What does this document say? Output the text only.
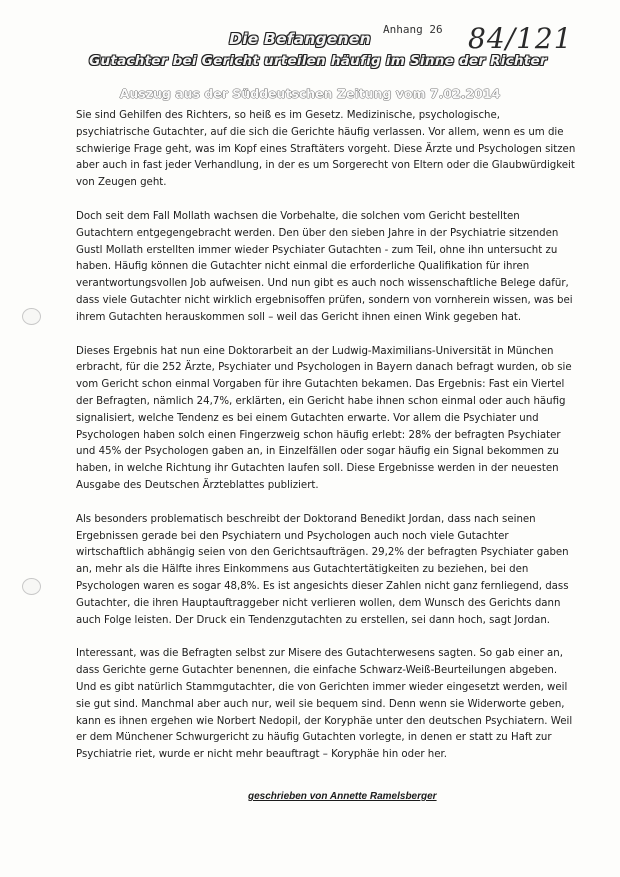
Anhang 26 84/121
Die Befangenen
Gutachter bei Gericht urteilen häufig im Sinne der Richter
Auszug aus der Süddeutschen Zeitung vom 7.02.2014

Sie sind Gehilfen des Richters, so heiß es im Gesetz. Medizinische, psychologische, psychiatrische Gutachter, auf die sich die Gerichte häufig verlassen. Vor allem, wenn es um die schwierige Frage geht, was im Kopf eines Straftäters vorgeht. Diese Ärzte und Psychologen sitzen aber auch in fast jeder Verhandlung, in der es um Sorgerecht von Eltern oder die Glaubwürdigkeit von Zeugen geht.

Doch seit dem Fall Mollath wachsen die Vorbehalte, die solchen vom Gericht bestellten Gutachtern entgegengebracht werden. Den über den sieben Jahre in der Psychiatrie sitzenden Gustl Mollath erstellten immer wieder Psychiater Gutachten - zum Teil, ohne ihn untersucht zu haben. Häufig können die Gutachter nicht einmal die erforderliche Qualifikation für ihren verantwortungsvollen Job aufweisen. Und nun gibt es auch noch wissenschaftliche Belege dafür, dass viele Gutachter nicht wirklich ergebnisoffen prüfen, sondern von vornherein wissen, was bei ihrem Gutachten herauskommen soll – weil das Gericht ihnen einen Wink gegeben hat.

Dieses Ergebnis hat nun eine Doktorarbeit an der Ludwig-Maximilians-Universität in München erbracht, für die 252 Ärzte, Psychiater und Psychologen in Bayern danach befragt wurden, ob sie vom Gericht schon einmal Vorgaben für ihre Gutachten bekamen. Das Ergebnis: Fast ein Viertel der Befragten, nämlich 24,7%, erklärten, ein Gericht habe ihnen schon einmal oder auch häufig signalisiert, welche Tendenz es bei einem Gutachten erwarte. Vor allem die Psychiater und Psychologen haben solch einen Fingerzweig schon häufig erlebt: 28% der befragten Psychiater und 45% der Psychologen gaben an, in Einzelfällen oder sogar häufig ein Signal bekommen zu haben, in welche Richtung ihr Gutachten laufen soll. Diese Ergebnisse werden in der neuesten Ausgabe des Deutschen Ärzteblattes publiziert.

Als besonders problematisch beschreibt der Doktorand Benedikt Jordan, dass nach seinen Ergebnissen gerade bei den Psychiatern und Psychologen auch noch viele Gutachter wirtschaftlich abhängig seien von den Gerichtsaufträgen. 29,2% der befragten Psychiater gaben an, mehr als die Hälfte ihres Einkommens aus Gutachtertätigkeiten zu beziehen, bei den Psychologen waren es sogar 48,8%. Es ist angesichts dieser Zahlen nicht ganz fernliegend, dass Gutachter, die ihren Hauptauftraggeber nicht verlieren wollen, dem Wunsch des Gerichts dann auch Folge leisten. Der Druck ein Tendenzgutachten zu erstellen, sei dann hoch, sagt Jordan.

Interessant, was die Befragten selbst zur Misere des Gutachterwesens sagten. So gab einer an, dass Gerichte gerne Gutachter benennen, die einfache Schwarz-Weiß-Beurteilungen abgeben. Und es gibt natürlich Stammgutachter, die von Gerichten immer wieder eingesetzt werden, weil sie gut sind. Manchmal aber auch nur, weil sie bequem sind. Denn wenn sie Widerworte geben, kann es ihnen ergehen wie Norbert Nedopil, der Koryphäe unter den deutschen Psychiatern. Weil er dem Münchener Schwurgericht zu häufig Gutachten vorlegte, in denen er statt zu Haft zur Psychiatrie riet, wurde er nicht mehr beauftragt – Koryphäe hin oder her.

geschrieben von Annette Ramelsberger
